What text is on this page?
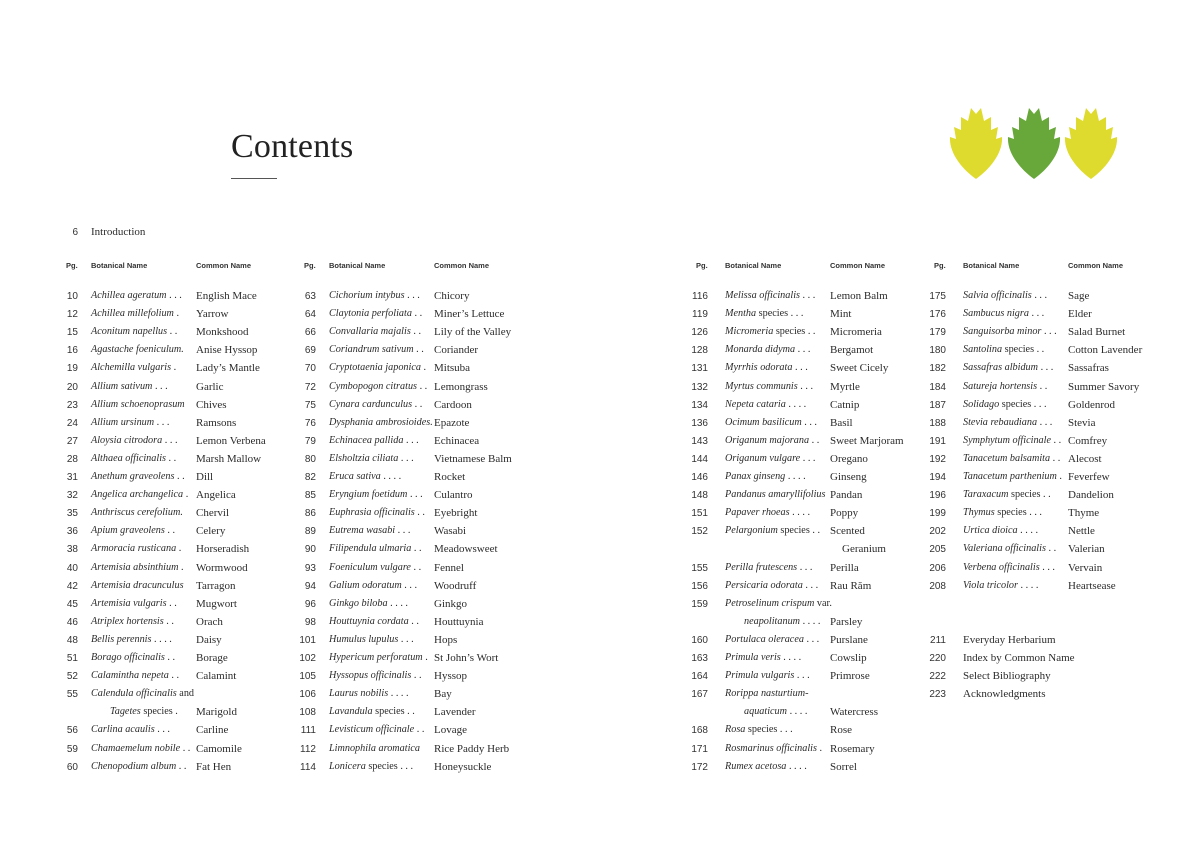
Contents
6 Introduction
Pg. Botanical Name	Common Name
10 Achillea ageratum . . . English Mace
12 Achillea millefolium . Yarrow
15 Aconitum napellus . . Monkshood
16 Agastache foeniculum. Anise Hyssop
19 Alchemilla vulgaris . Lady’s Mantle
20 Allium sativum . . .	Garlic
23 Allium schoenoprasum Chives
24 Allium ursinum . . . Ramsons
27 Aloysia citrodora . . . Lemon Verbena
28 Althaea officinalis . . Marsh Mallow
31 Anethum graveolens . . Dill
32 Angelica archangelica . Angelica
35 Anthriscus cerefolium. Chervil
36 Apium graveolens . . Celery
38 Armoracia rusticana . Horseradish
40 Artemisia absinthium . Wormwood
42 Artemisia dracunculus Tarragon
45 Artemisia vulgaris . . Mugwort
46 Atriplex hortensis . . Orach
48 Bellis perennis . . . . Daisy
51 Borago officinalis . . Borage
52 Calamintha nepeta . . Calamint
55 Calendula officinalis and
Tagetes species . Marigold
56 Carlina acaulis . . . Carline
59 Chamaemelum nobile . . Camomile
60 Chenopodium album . . Fat Hen
Pg. Botanical Name	Common Name
63 Cichorium intybus . . . Chicory
64 Claytonia perfoliata . . Miner’s Lettuce
66 Convallaria majalis . . Lily of the Valley
69 Coriandrum sativum . . Coriander
70 Cryptotaenia japonica . Mitsuba
72 Cymbopogon citratus . . Lemongrass
75 Cynara cardunculus . . Cardoon
76 Dysphania ambrosioides. Epazote
79 Echinacea pallida . . . Echinacea
80 Elsholtzia ciliata . . . Vietnamese Balm
82 Eruca sativa . . . .	Rocket
85 Eryngium foetidum . . . Culantro
86 Euphrasia officinalis . . Eyebright
89 Eutrema wasabi . . . Wasabi
90 Filipendula ulmaria . . Meadowsweet
93 Foeniculum vulgare . . Fennel
94 Galium odoratum . . . Woodruff
96 Ginkgo biloba . . . . Ginkgo
98 Houttuynia cordata . . Houttuynia
101 Humulus lupulus . . . Hops
102 Hypericum perforatum . St John’s Wort
105 Hyssopus officinalis . . Hyssop
106 Laurus nobilis . . . . Bay
108 Lavandula species . . Lavender
111 Levisticum officinale . . Lovage
112 Limnophila aromatica Rice Paddy Herb
114 Lonicera species . . . Honeysuckle
Pg. Botanical Name	Common Name
116 Melissa officinalis . . . Lemon Balm
119 Mentha species . . . Mint
126 Micromeria species . . Micromeria
128 Monarda didyma . . . Bergamot
131 Myrrhis odorata . . . Sweet Cicely
132 Myrtus communis . . . Myrtle
134 Nepeta cataria . . . . Catnip
136 Ocimum basilicum . . . Basil
143 Origanum majorana . . Sweet Marjoram
144 Origanum vulgare . . . Oregano
146 Panax ginseng . . . . Ginseng
148 Pandanus amaryllifolius Pandan
151 Papaver rhoeas . . . . Poppy
152 Pelargonium species . . Scented
Geranium
155 Perilla frutescens . . . Perilla
156 Persicaria odorata . . . Rau Răm
159 Petroselinum crispum var.
neapolitanum . . . . Parsley
160 Portulaca oleracea . . . Purslane
163 Primula veris . . . .	Cowslip
164 Primula vulgaris . . . Primrose
167 Rorippa nasturtium-
aquaticum . . . . Watercress
168 Rosa species . . .	Rose
171 Rosmarinus officinalis . Rosemary
172 Rumex acetosa . . . . Sorrel
Pg. Botanical Name	Common Name
175 Salvia officinalis . . . Sage
176 Sambucus nigra . . . Elder
179 Sanguisorba minor . . . Salad Burnet
180 Santolina species . . Cotton Lavender
182 Sassafras albidum . . . Sassafras
184 Satureja hortensis . . Summer Savory
187 Solidago species . . . Goldenrod
188 Stevia rebaudiana . . . Stevia
191 Symphytum officinale . . Comfrey
192 Tanacetum balsamita . . Alecost
194 Tanacetum parthenium . Feverfew
196 Taraxacum species . . Dandelion
199 Thymus species . . . Thyme
202 Urtica dioica . . . .	Nettle
205 Valeriana officinalis . . Valerian
206 Verbena officinalis . . . Vervain
208 Viola tricolor . . . .	Heartsease
211 Everyday Herbarium
220 Index by Common Name
222 Select Bibliography
223 Acknowledgments
